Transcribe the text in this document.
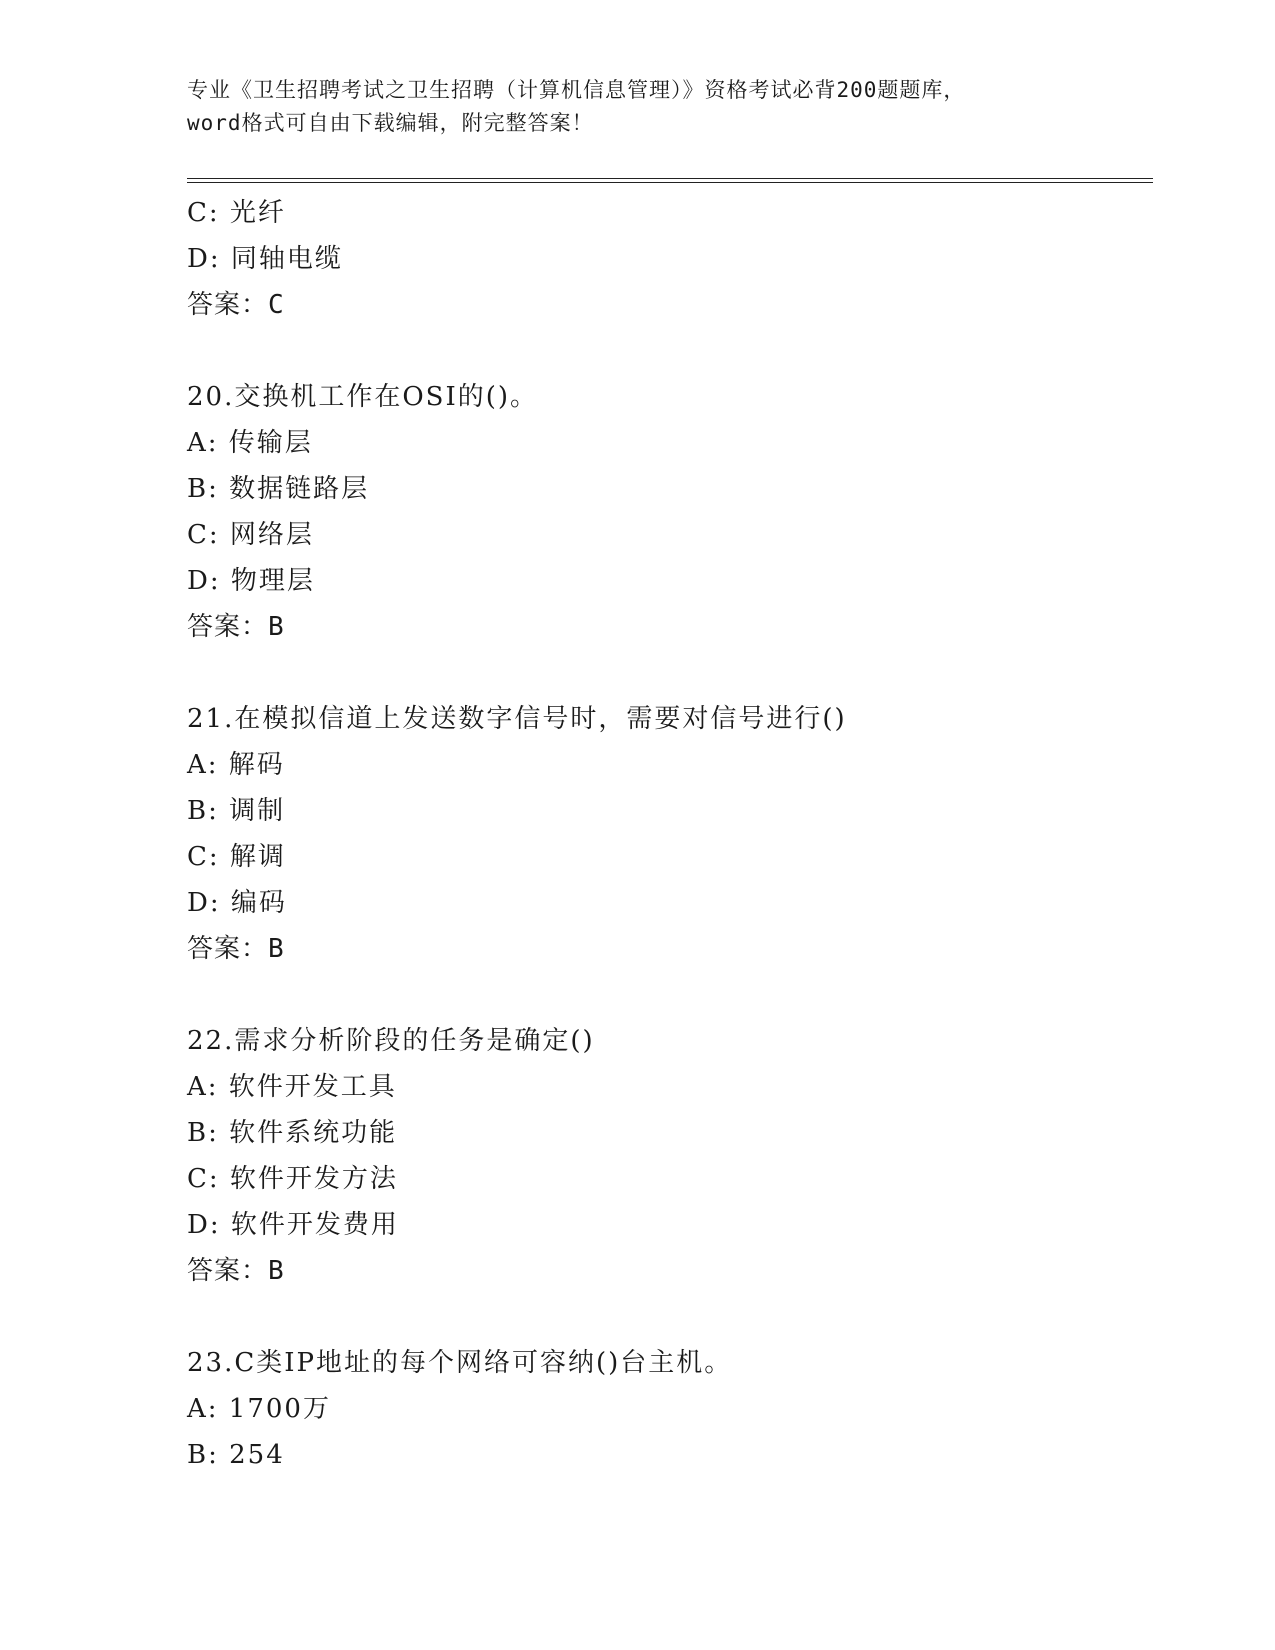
专业《卫生招聘考试之卫生招聘（计算机信息管理）》资格考试必背200题题库，
word格式可自由下载编辑，附完整答案！
C: 光纤
D: 同轴电缆
答案：C
20.交换机工作在OSI的()。
A: 传输层
B: 数据链路层
C: 网络层
D: 物理层
答案：B
21.在模拟信道上发送数字信号时，需要对信号进行()
A: 解码
B: 调制
C: 解调
D: 编码
答案：B
22.需求分析阶段的任务是确定()
A: 软件开发工具
B: 软件系统功能
C: 软件开发方法
D: 软件开发费用
答案：B
23.C类IP地址的每个网络可容纳()台主机。
A: 1700万
B: 254
